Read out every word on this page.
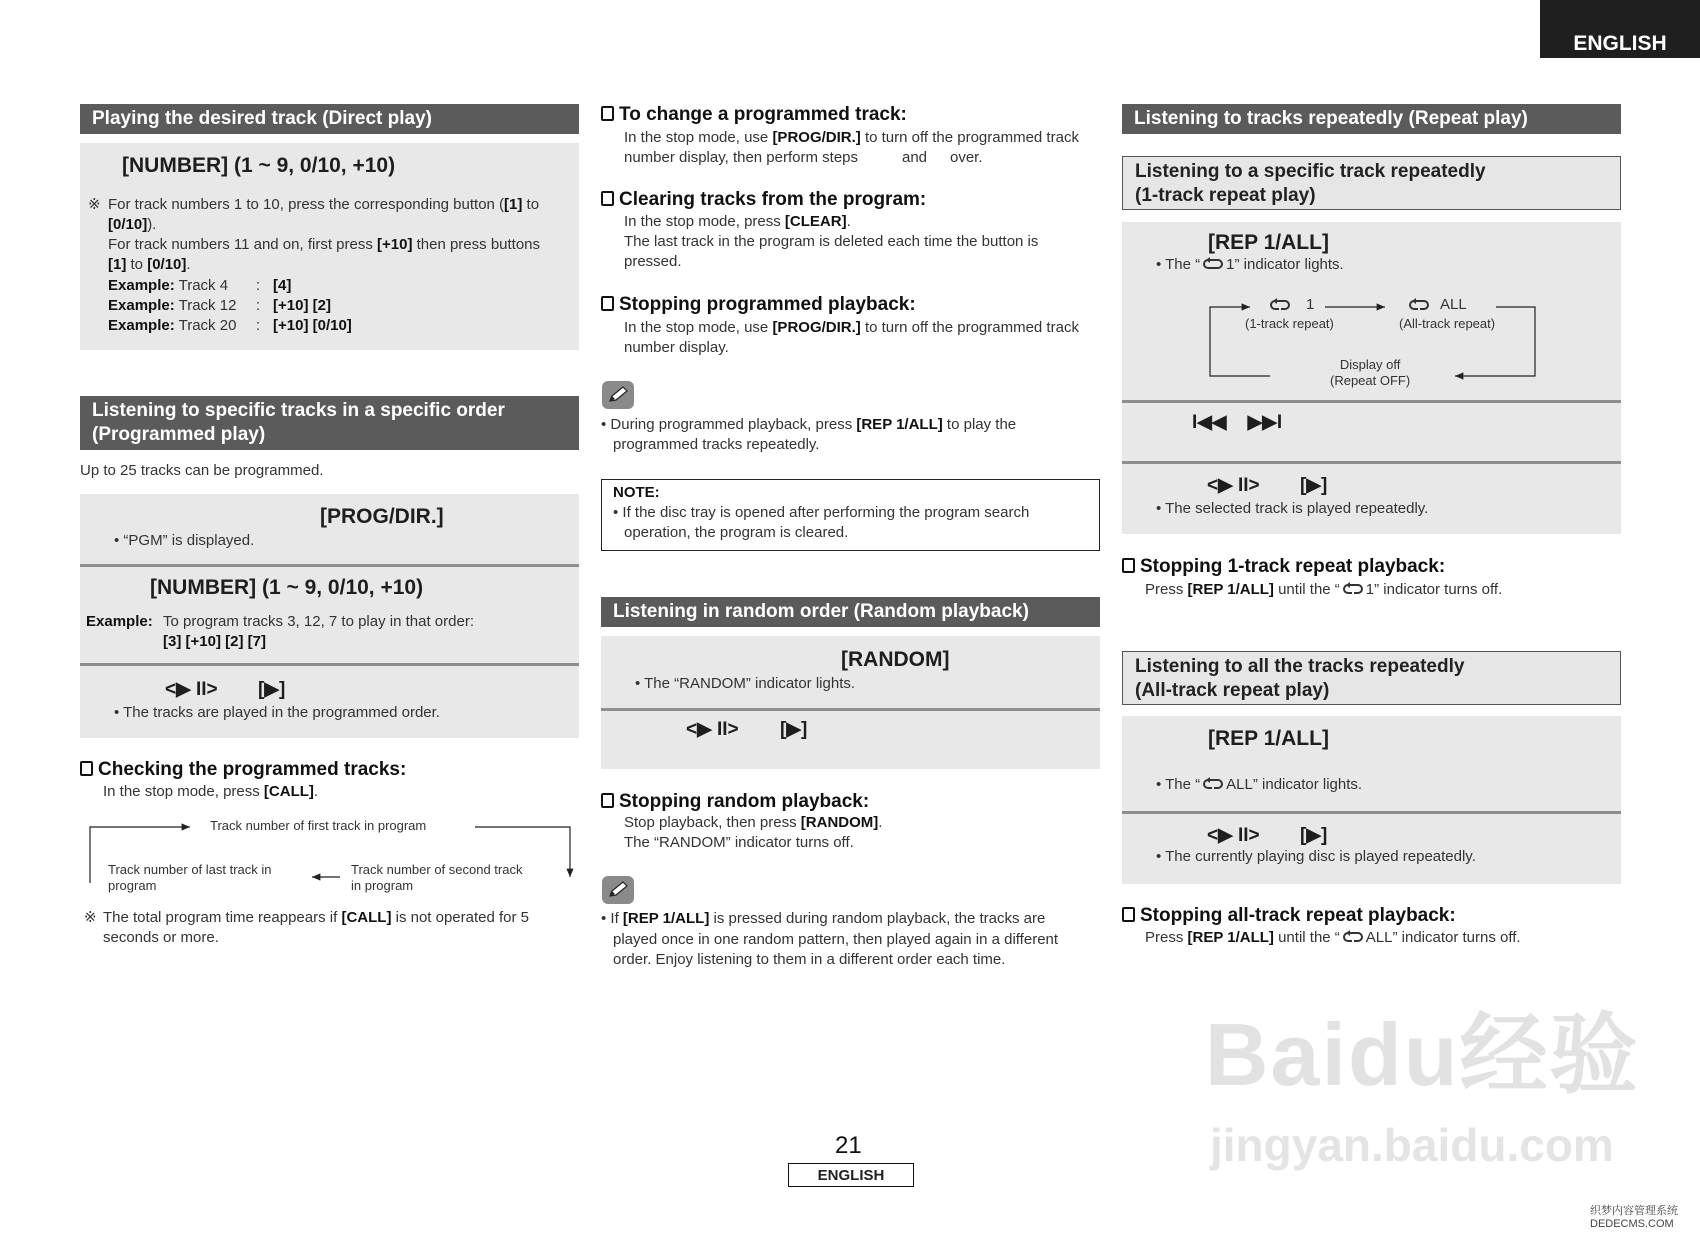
ENGLISH
Playing the desired track (Direct play)
[NUMBER] (1 ~ 9, 0/10, +10)
※ For track numbers 1 to 10, press the corresponding button ([1] to
[0/10]).
For track numbers 11 and on, first press [+10] then press buttons
[1] to [0/10].
Example: Track 4 : [4]
Example: Track 12 : [+10] [2]
Example: Track 20 : [+10] [0/10]
Listening to specific tracks in a specific order
(Programmed play)
Up to 25 tracks can be programmed.
[PROG/DIR.]
• “PGM” is displayed.
[NUMBER] (1 ~ 9, 0/10, +10)
Example: To program tracks 3, 12, 7 to play in that order:
[3] [+10] [2] [7]
<▶ II> [▶]
• The tracks are played in the programmed order.
Checking the programmed tracks:
In the stop mode, press [CALL].
Track number of first track in program
Track number of last track in
program
Track number of second track
in program
※ The total program time reappears if [CALL] is not operated for 5
seconds or more.
To change a programmed track:
In the stop mode, use [PROG/DIR.] to turn off the programmed track
number display, then perform steps	and over.
Clearing tracks from the program:
In the stop mode, press [CLEAR].
The last track in the program is deleted each time the button is
pressed.
Stopping programmed playback:
In the stop mode, use [PROG/DIR.] to turn off the programmed track
number display.
• During programmed playback, press [REP 1/ALL] to play the
programmed tracks repeatedly.
NOTE:
• If the disc tray is opened after performing the program search
operation, the program is cleared.
Listening in random order (Random playback)
[RANDOM]
• The “RANDOM” indicator lights.
<▶ II> [▶]
Stopping random playback:
Stop playback, then press [RANDOM].
The “RANDOM” indicator turns off.
• If [REP 1/ALL] is pressed during random playback, the tracks are
played once in one random pattern, then played again in a different
order. Enjoy listening to them in a different order each time.
Listening to tracks repeatedly (Repeat play)
Listening to a specific track repeatedly
(1-track repeat play)
[REP 1/ALL]
• The “ 1” indicator lights.
1
(1-track repeat)
ALL
(All-track repeat)
Display off
(Repeat OFF)
I◀◀    ▶▶I
<▶ II> [▶]
• The selected track is played repeatedly.
Stopping 1-track repeat playback:
Press [REP 1/ALL] until the “ 1” indicator turns off.
Listening to all the tracks repeatedly
(All-track repeat play)
[REP 1/ALL]
• The “ ALL” indicator lights.
<▶ II> [▶]
• The currently playing disc is played repeatedly.
Stopping all-track repeat playback:
Press [REP 1/ALL] until the “ ALL” indicator turns off.
Baidu经验
jingyan.baidu.com
织梦内容管理系统
DEDECMS.COM
21
ENGLISH
